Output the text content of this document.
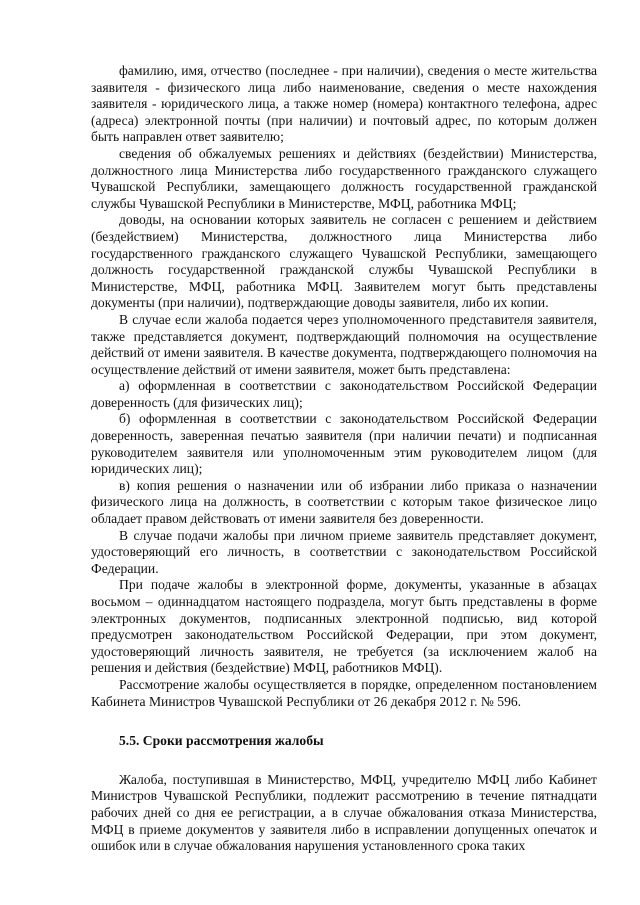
фамилию, имя, отчество (последнее - при наличии), сведения о месте жительства заявителя - физического лица либо наименование, сведения о месте нахождения заявителя - юридического лица, а также номер (номера) контактного телефона, адрес (адреса) электронной почты (при наличии) и почтовый адрес, по которым должен быть направлен ответ заявителю;

сведения об обжалуемых решениях и действиях (бездействии) Министерства, должностного лица Министерства либо государственного гражданского служащего Чувашской Республики, замещающего должность государственной гражданской службы Чувашской Республики в Министерстве, МФЦ, работника МФЦ;

доводы, на основании которых заявитель не согласен с решением и действием (бездействием) Министерства, должностного лица Министерства либо государственного гражданского служащего Чувашской Республики, замещающего должность государственной гражданской службы Чувашской Республики в Министерстве, МФЦ, работника МФЦ. Заявителем могут быть представлены документы (при наличии), подтверждающие доводы заявителя, либо их копии.

В случае если жалоба подается через уполномоченного представителя заявителя, также представляется документ, подтверждающий полномочия на осуществление действий от имени заявителя. В качестве документа, подтверждающего полномочия на осуществление действий от имени заявителя, может быть представлена:

а) оформленная в соответствии с законодательством Российской Федерации доверенность (для физических лиц);

б) оформленная в соответствии с законодательством Российской Федерации доверенность, заверенная печатью заявителя (при наличии печати) и подписанная руководителем заявителя или уполномоченным этим руководителем лицом (для юридических лиц);

в) копия решения о назначении или об избрании либо приказа о назначении физического лица на должность, в соответствии с которым такое физическое лицо обладает правом действовать от имени заявителя без доверенности.

В случае подачи жалобы при личном приеме заявитель представляет документ, удостоверяющий его личность, в соответствии с законодательством Российской Федерации.

При подаче жалобы в электронной форме, документы, указанные в абзацах восьмом – одиннадцатом настоящего подраздела, могут быть представлены в форме электронных документов, подписанных электронной подписью, вид которой предусмотрен законодательством Российской Федерации, при этом документ, удостоверяющий личность заявителя, не требуется (за исключением жалоб на решения и действия (бездействие) МФЦ, работников МФЦ).

Рассмотрение жалобы осуществляется в порядке, определенном постановлением Кабинета Министров Чувашской Республики от 26 декабря 2012 г. № 596.

5.5. Сроки рассмотрения жалобы

Жалоба, поступившая в Министерство, МФЦ, учредителю МФЦ либо Кабинет Министров Чувашской Республики, подлежит рассмотрению в течение пятнадцати рабочих дней со дня ее регистрации, а в случае обжалования отказа Министерства, МФЦ в приеме документов у заявителя либо в исправлении допущенных опечаток и ошибок или в случае обжалования нарушения установленного срока таких
